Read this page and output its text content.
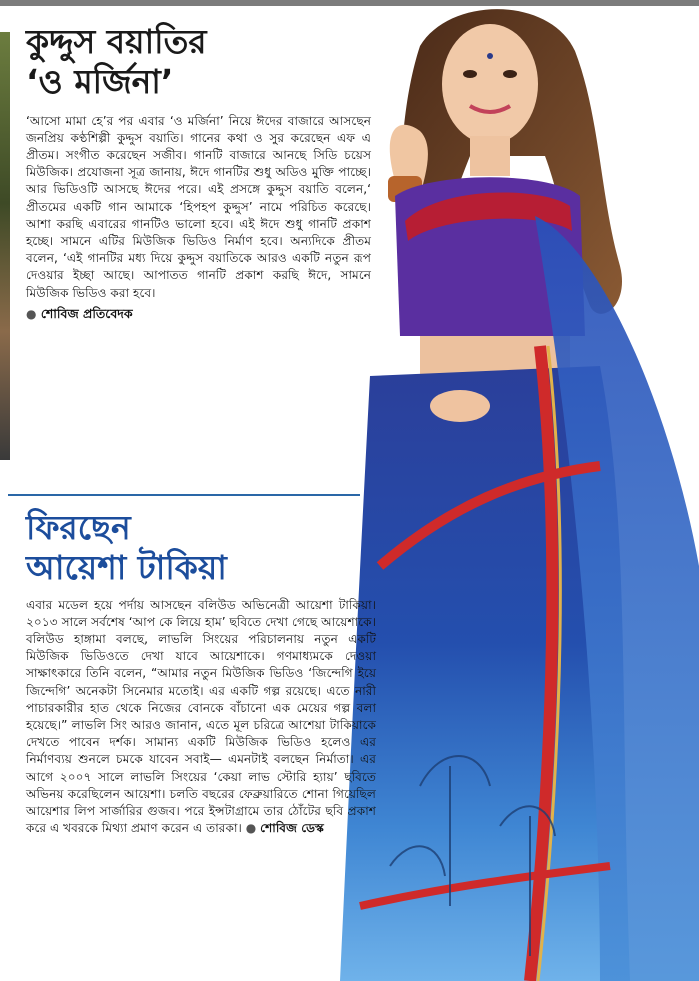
কুদ্দুস বয়াতির
‘ও মর্জিনা’

‘আসো মামা হে’র পর এবার ‘ও মর্জিনা’ নিয়ে ঈদের বাজারে আসছেন জনপ্রিয় কণ্ঠশিল্পী কুদ্দুস বয়াতি। গানের কথা ও সুর করেছেন এফ এ প্রীতম। সংগীত করেছেন সজীব। গানটি বাজারে আনছে সিডি চয়েস মিউজিক। প্রযোজনা সূত্র জানায়, ঈদে গানটির শুধু অডিও মুক্তি পাচ্ছে। আর ভিডিওটি আসছে ঈদের পরে। এই প্রসঙ্গে কুদ্দুস বয়াতি বলেন,‘ প্রীতমের একটি গান আমাকে ‘হিপহপ কুদ্দুস’ নামে পরিচিত করেছে। আশা করছি এবারের গানটিও ভালো হবে। এই ঈদে শুধু গানটি প্রকাশ হচ্ছে। সামনে এটির মিউজিক ভিডিও নির্মাণ হবে। অন্যদিকে প্রীতম বলেন, ‘এই গানটির মধ্য দিয়ে কুদ্দুস বয়াতিকে আরও একটি নতুন রূপ দেওয়ার ইচ্ছা আছে। আপাতত গানটি প্রকাশ করছি ঈদে, সামনে মিউজিক ভিডিও করা হবে।

● শোবিজ প্রতিবেদক
ফিরছেন
আয়েশা টাকিয়া

এবার মডেল হয়ে পর্দায় আসছেন বলিউড অভিনেত্রী আয়েশা টাকিয়া। ২০১৩ সালে সর্বশেষ ‘আপ কে লিয়ে হাম’ ছবিতে দেখা গেছে আয়েশাকে। বলিউড হাঙ্গামা বলছে, লাভলি সিংয়ের পরিচালনায় নতুন একটি মিউজিক ভিডিওতে দেখা যাবে আয়েশাকে। গণমাধ্যমকে দেওয়া সাক্ষাৎকারে তিনি বলেন, “আমার নতুন মিউজিক ভিডিও ‘জিন্দেগি ইয়ে জিন্দেগি’ অনেকটা সিনেমার মতোই। এর একটি গল্প রয়েছে। এতে নারী পাচারকারীর হাত থেকে নিজের বোনকে বাঁচানো এক মেয়ের গল্প বলা হয়েছে।” লাভলি সিং আরও জানান, এতে মূল চরিত্রে আশেয়া টাকিয়াকে দেখতে পাবেন দর্শক। সামান্য একটি মিউজিক ভিডিও হলেও এর নির্মাণব্যয় শুনলে চমকে যাবেন সবাই— এমনটাই বলছেন নির্মাতা। এর আগে ২০০৭ সালে লাভলি সিংয়ের ‘কেয়া লাভ স্টোরি হ্যায়’ ছবিতে অভিনয় করেছিলেন আয়েশা। চলতি বছরের ফেব্রুয়ারিতে শোনা গিয়েছিল আয়েশার লিপ সার্জারির গুজব। পরে ইন্সটাগ্রামে তার ঠোঁটের ছবি প্রকাশ করে এ খবরকে মিথ্যা প্রমাণ করেন এ তারকা। ● শোবিজ ডেস্ক
